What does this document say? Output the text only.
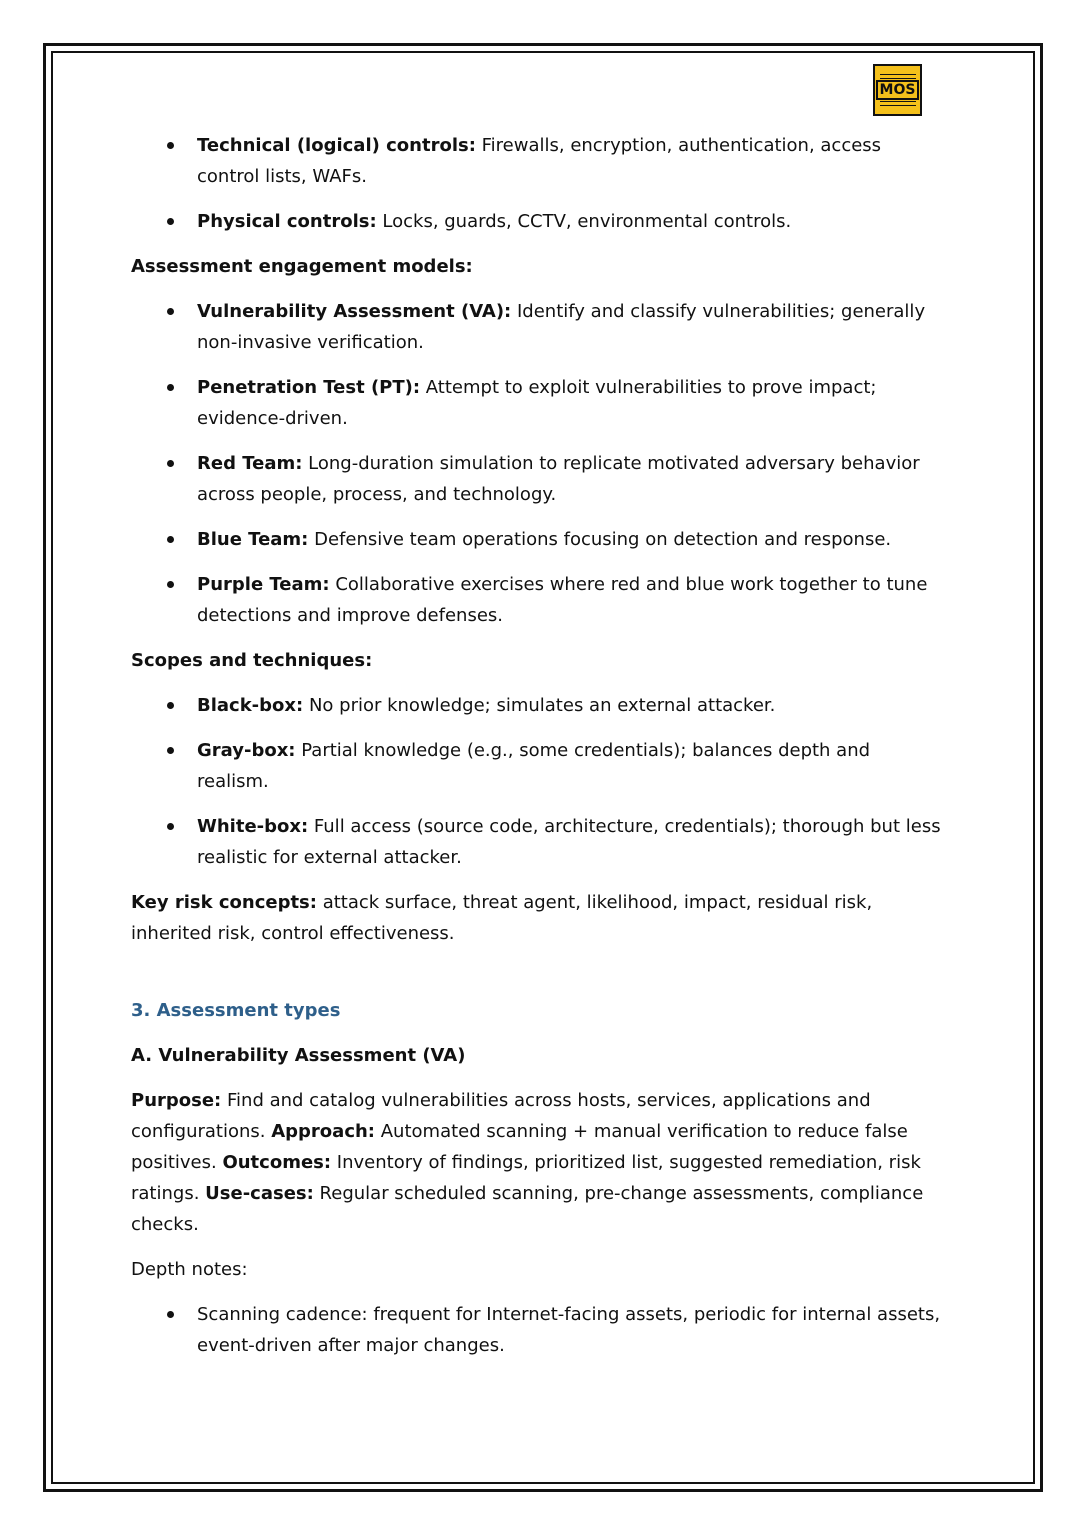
MOS
Technical (logical) controls: Firewalls, encryption, authentication, access control lists, WAFs.
Physical controls: Locks, guards, CCTV, environmental controls.

Assessment engagement models:

Vulnerability Assessment (VA): Identify and classify vulnerabilities; generally non-invasive verification.
Penetration Test (PT): Attempt to exploit vulnerabilities to prove impact; evidence-driven.
Red Team: Long-duration simulation to replicate motivated adversary behavior across people, process, and technology.
Blue Team: Defensive team operations focusing on detection and response.
Purple Team: Collaborative exercises where red and blue work together to tune detections and improve defenses.

Scopes and techniques:

Black-box: No prior knowledge; simulates an external attacker.
Gray-box: Partial knowledge (e.g., some credentials); balances depth and realism.
White-box: Full access (source code, architecture, credentials); thorough but less realistic for external attacker.

Key risk concepts: attack surface, threat agent, likelihood, impact, residual risk, inherited risk, control effectiveness.

3. Assessment types

A. Vulnerability Assessment (VA)

Purpose: Find and catalog vulnerabilities across hosts, services, applications and configurations. Approach: Automated scanning + manual verification to reduce false positives. Outcomes: Inventory of findings, prioritized list, suggested remediation, risk ratings. Use-cases: Regular scheduled scanning, pre-change assessments, compliance checks.

Depth notes:

Scanning cadence: frequent for Internet-facing assets, periodic for internal assets, event-driven after major changes.
